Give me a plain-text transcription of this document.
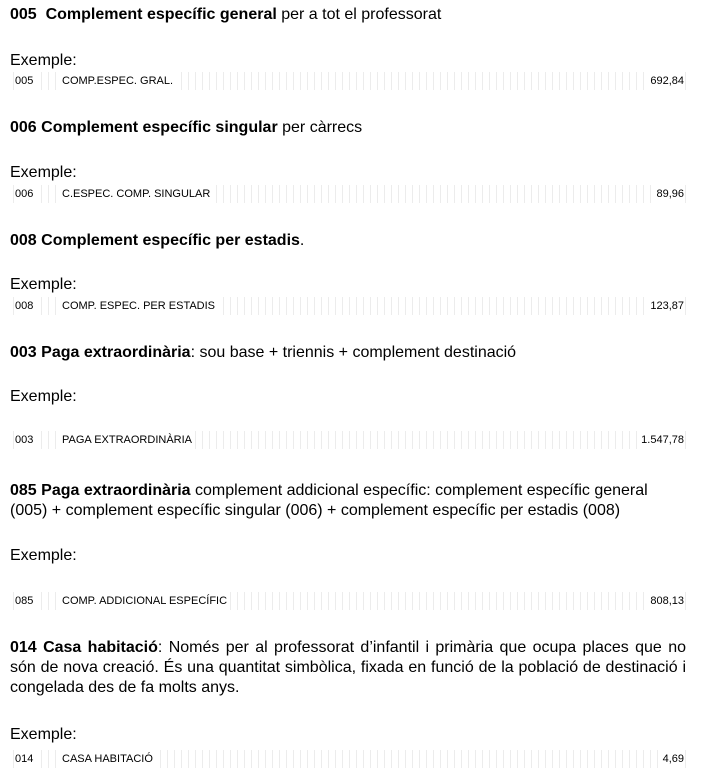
005 Complement específic general per a tot el professorat

Exemple:
005	COMP.ESPEC. GRAL.	692,84

006 Complement específic singular per càrrecs

Exemple:
006	C.ESPEC. COMP. SINGULAR	89,96

008 Complement específic per estadis.

Exemple:
008	COMP. ESPEC. PER ESTADIS	123,87

003 Paga extraordinària: sou base + triennis + complement destinació

Exemple:
003	PAGA EXTRAORDINÀRIA	1.547,78

085 Paga extraordinària complement addicional específic: complement específic general (005) + complement específic singular (006) + complement específic per estadis (008)

Exemple:
085	COMP. ADDICIONAL ESPECÍFIC	808,13

014 Casa habitació: Només per al professorat d’infantil i primària que ocupa places que no són de nova creació. És una quantitat simbòlica, fixada en funció de la població de destinació i congelada des de fa molts anys.

Exemple:
014	CASA HABITACIÓ	4,69
